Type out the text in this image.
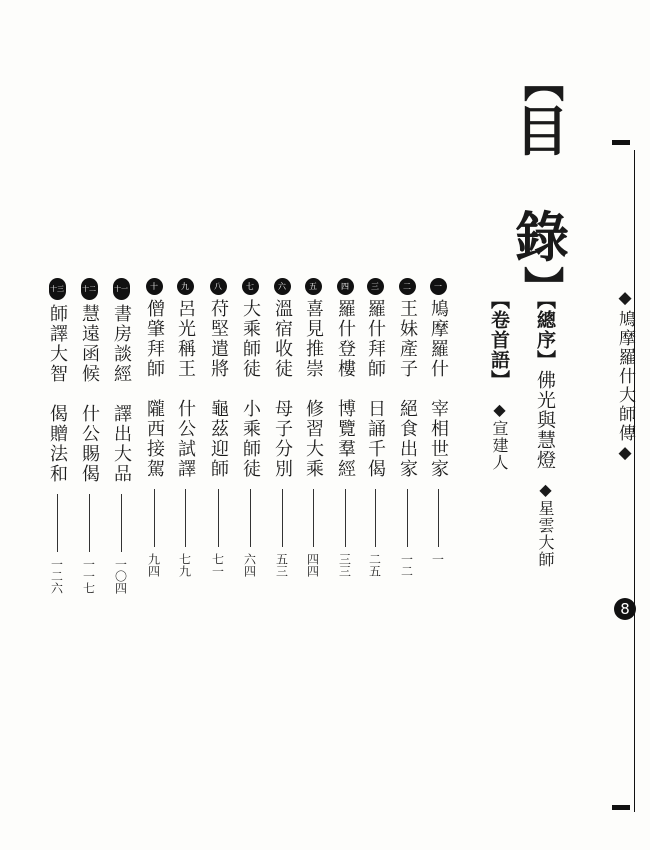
【
目
錄
】
◆鳩摩羅什大師傳◆
8
【總序】佛光與慧燈◆星雲大師
【卷首語】◆宣建人
一
鳩摩羅什　宰相世家
一
二
王妹產子　絕食出家
一二
三
羅什拜師　日誦千偈
二五
四
羅什登樓　博覽羣經
三三
五
喜見推崇　修習大乘
四四
六
溫宿收徒　母子分別
五三
七
大乘師徒　小乘師徒
六四
八
苻堅遣將　龜茲迎師
七一
九
呂光稱王　什公試譯
七九
十
僧肇拜師　隴西接駕
九四
十一
書房談經　譯出大品
一〇四
十二
慧遠函候　什公賜偈
一一七
十三
師譯大智　偈贈法和
一二六
